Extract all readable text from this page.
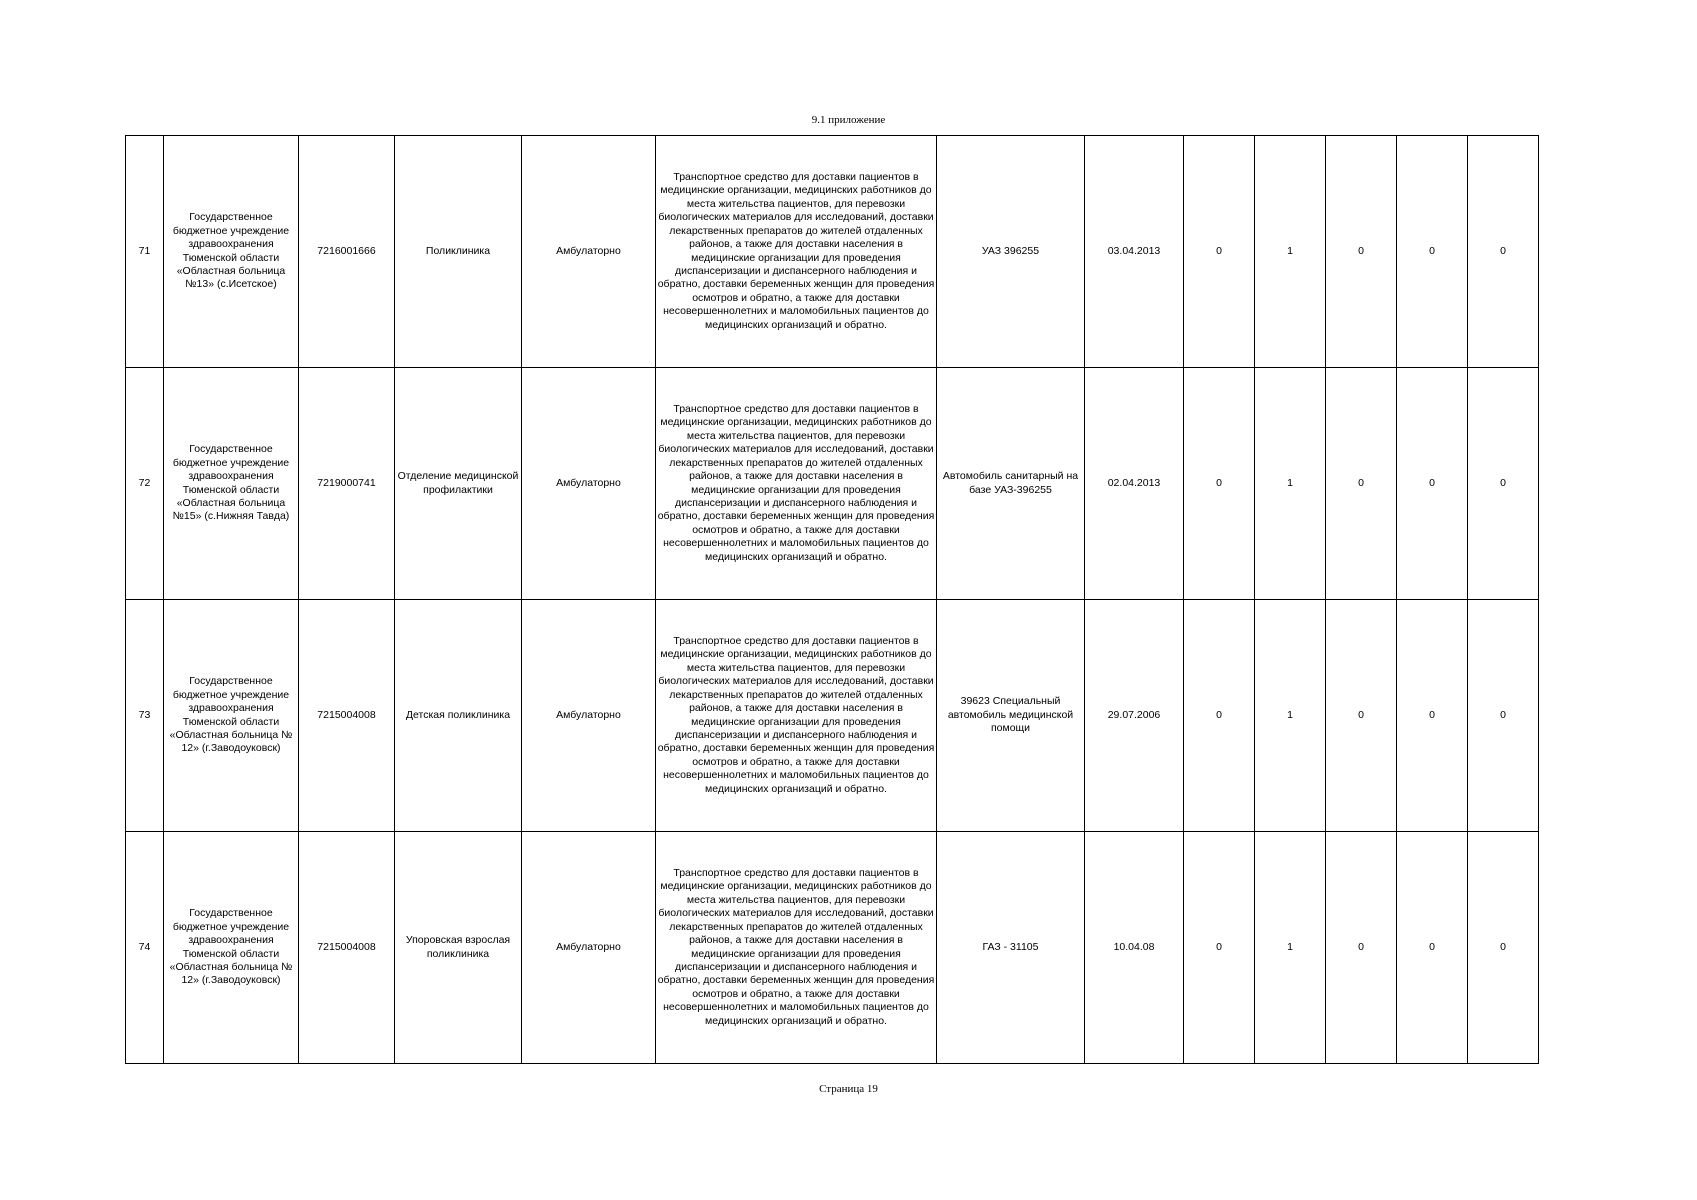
9.1 приложение
71	Государственное бюджетное учреждение здравоохранения Тюменской области «Областная больница №13» (с.Исетское)	7216001666	Поликлиника	Амбулаторно	Транспортное средство для доставки пациентов в медицинские организации, медицинских работников до места жительства пациентов, для перевозки биологических материалов для исследований, доставки лекарственных препаратов до жителей отдаленных районов, а также для доставки населения в медицинские организации для проведения диспансеризации и диспансерного наблюдения и обратно, доставки беременных женщин для проведения осмотров и обратно, а также для доставки несовершеннолетних и маломобильных пациентов до медицинских организаций и обратно.	УАЗ 396255	03.04.2013	0	1	0	0	0
72	Государственное бюджетное учреждение здравоохранения Тюменской области «Областная больница №15» (с.Нижняя Тавда)	7219000741	Отделение медицинской профилактики	Амбулаторно	Транспортное средство для доставки пациентов в медицинские организации, медицинских работников до места жительства пациентов, для перевозки биологических материалов для исследований, доставки лекарственных препаратов до жителей отдаленных районов, а также для доставки населения в медицинские организации для проведения диспансеризации и диспансерного наблюдения и обратно, доставки беременных женщин для проведения осмотров и обратно, а также для доставки несовершеннолетних и маломобильных пациентов до медицинских организаций и обратно.	Автомобиль санитарный на базе УАЗ-396255	02.04.2013	0	1	0	0	0
73	Государственное бюджетное учреждение здравоохранения Тюменской области «Областная больница № 12» (г.Заводоуковск)	7215004008	Детская поликлиника	Амбулаторно	Транспортное средство для доставки пациентов в медицинские организации, медицинских работников до места жительства пациентов, для перевозки биологических материалов для исследований, доставки лекарственных препаратов до жителей отдаленных районов, а также для доставки населения в медицинские организации для проведения диспансеризации и диспансерного наблюдения и обратно, доставки беременных женщин для проведения осмотров и обратно, а также для доставки несовершеннолетних и маломобильных пациентов до медицинских организаций и обратно.	39623 Специальный автомобиль медицинской помощи	29.07.2006	0	1	0	0	0
74	Государственное бюджетное учреждение здравоохранения Тюменской области «Областная больница № 12» (г.Заводоуковск)	7215004008	Упоровская взрослая поликлиника	Амбулаторно	Транспортное средство для доставки пациентов в медицинские организации, медицинских работников до места жительства пациентов, для перевозки биологических материалов для исследований, доставки лекарственных препаратов до жителей отдаленных районов, а также для доставки населения в медицинские организации для проведения диспансеризации и диспансерного наблюдения и обратно, доставки беременных женщин для проведения осмотров и обратно, а также для доставки несовершеннолетних и маломобильных пациентов до медицинских организаций и обратно.	ГАЗ - 31105	10.04.08	0	1	0	0	0
Страница 19
